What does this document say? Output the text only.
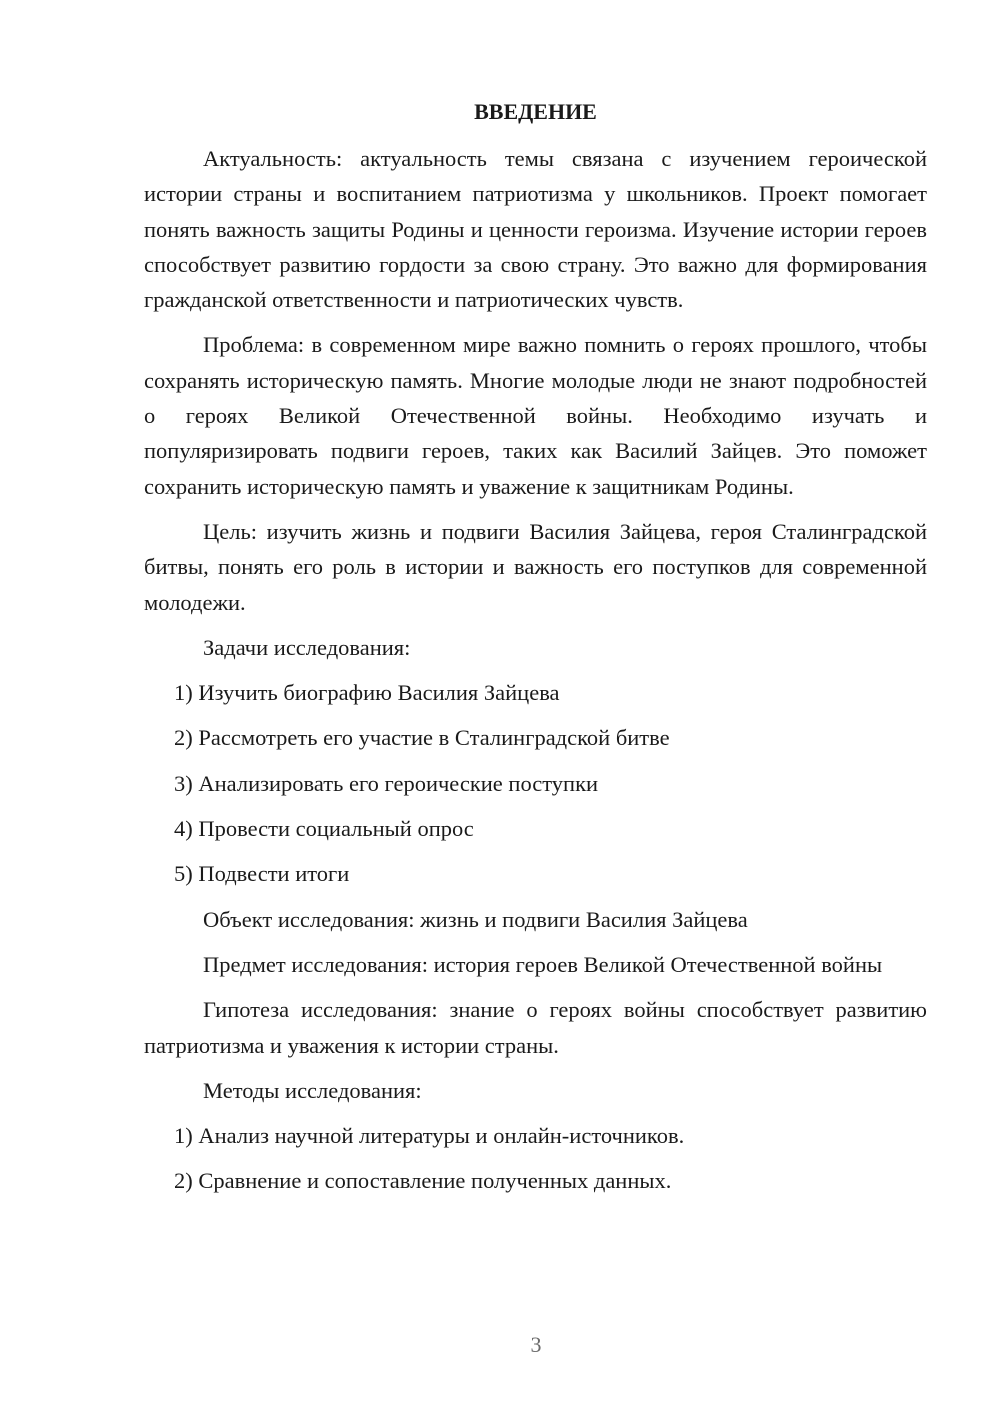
ВВЕДЕНИЕ

Актуальность: актуальность темы связана с изучением героической истории страны и воспитанием патриотизма у школьников. Проект помогает понять важность защиты Родины и ценности героизма. Изучение истории героев способствует развитию гордости за свою страну. Это важно для формирования гражданской ответственности и патриотических чувств.

Проблема: в современном мире важно помнить о героях прошлого, чтобы сохранять историческую память. Многие молодые люди не знают подробностей о героях Великой Отечественной войны. Необходимо изучать и популяризировать подвиги героев, таких как Василий Зайцев. Это поможет сохранить историческую память и уважение к защитникам Родины.

Цель: изучить жизнь и подвиги Василия Зайцева, героя Сталинградской битвы, понять его роль в истории и важность его поступков для современной молодежи.

Задачи исследования:

1) Изучить биографию Василия Зайцева

2) Рассмотреть его участие в Сталинградской битве

3) Анализировать его героические поступки

4) Провести социальный опрос

5) Подвести итоги

Объект исследования: жизнь и подвиги Василия Зайцева

Предмет исследования: история героев Великой Отечественной войны

Гипотеза исследования: знание о героях войны способствует развитию патриотизма и уважения к истории страны.

Методы исследования:

1) Анализ научной литературы и онлайн-источников.

2) Сравнение и сопоставление полученных данных.

3
